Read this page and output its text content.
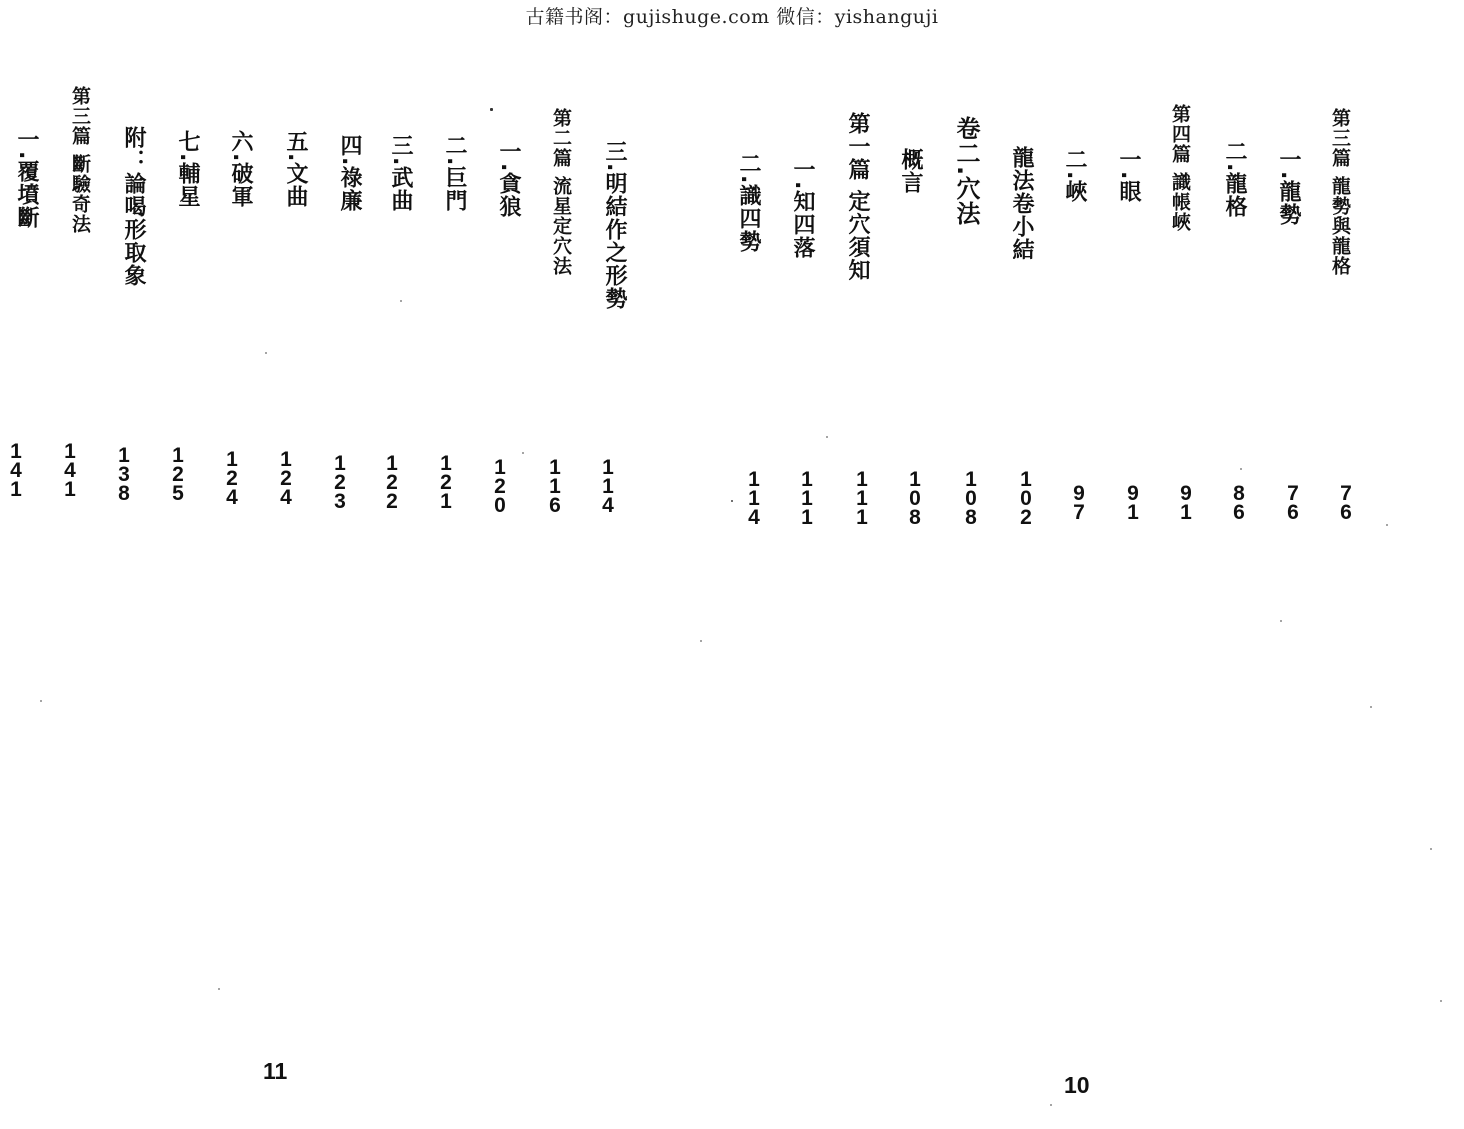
古籍书阁：gujishuge.com 微信：yishanguji
第三篇 龍勢與龍格
7
6
一.龍勢
7
6
二.龍格
8
6
第四篇 識帳峽
9
1
一.眼
9
1
二.峽
9
7
龍法卷小結
1
0
2
卷二.穴法
1
0
8
概言
1
0
8
第一篇 定穴須知
1
1
1
一.知四落
1
1
1
二.識四勢
1
1
4
10
三.明結作之形勢
1
1
4
第二篇 流星定穴法
1
1
6
一.貪狼
1
2
0
二.巨門
1
2
1
三.武曲
1
2
2
四.祿廉
1
2
3
五.文曲
1
2
4
六.破軍
1
2
4
七.輔星
1
2
5
附：論喝形取象
1
3
8
第三篇 斷驗奇法
1
4
1
一.覆墳斷
1
4
1
11
